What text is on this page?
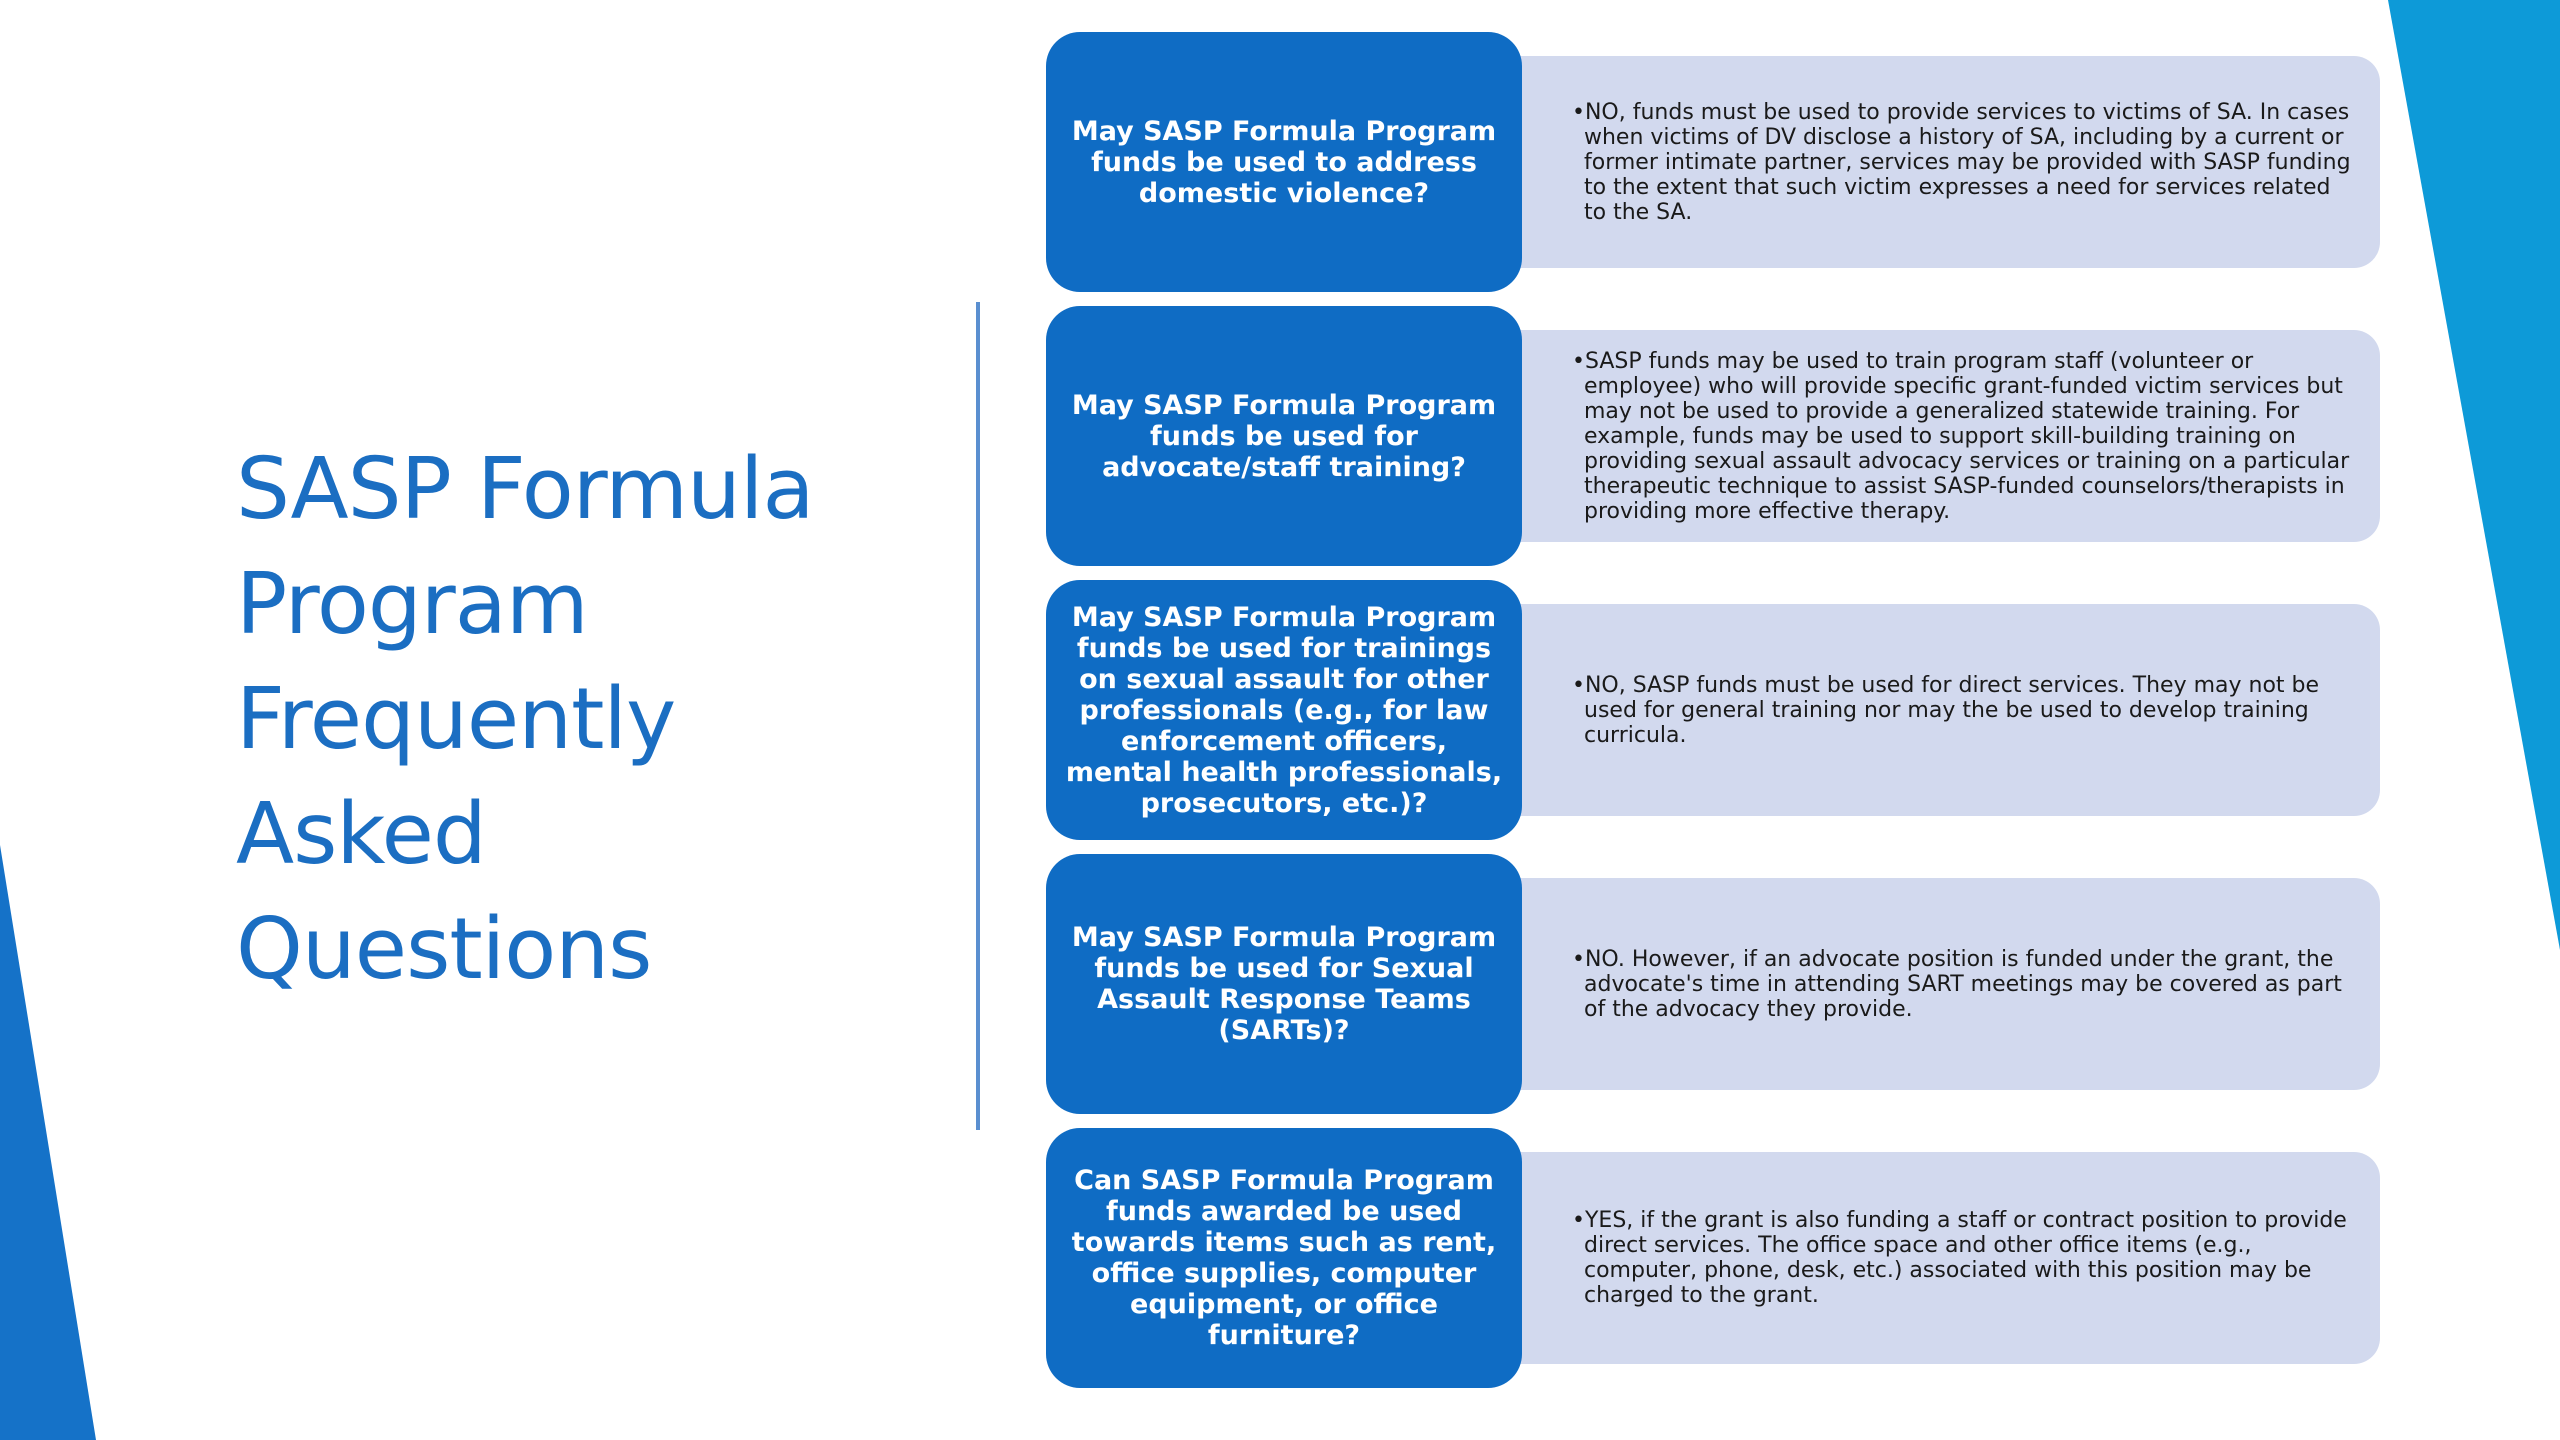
SASP Formula
Program
Frequently
Asked
Questions
•NO, funds must be used to provide services to victims of SA. In cases when victims of DV disclose a history of SA, including by a current or former intimate partner, services may be provided with SASP funding to the extent that such victim expresses a need for services related to the SA.
May SASP Formula Program funds be used to address domestic violence?
•SASP funds may be used to train program staff (volunteer or employee) who will provide specific grant-funded victim services but may not be used to provide a generalized statewide training. For example, funds may be used to support skill-building training on providing sexual assault advocacy services or training on a particular therapeutic technique to assist SASP-funded counselors/therapists in providing more effective therapy.
May SASP Formula Program funds be used for advocate/staff training?
•NO, SASP funds must be used for direct services. They may not be used for general training nor may the be used to develop training curricula.
May SASP Formula Program funds be used for trainings on sexual assault for other professionals (e.g., for law enforcement officers, mental health professionals, prosecutors, etc.)?
•NO. However, if an advocate position is funded under the grant, the advocate's time in attending SART meetings may be covered as part of the advocacy they provide.
May SASP Formula Program funds be used for Sexual Assault Response Teams (SARTs)?
•YES, if the grant is also funding a staff or contract position to provide direct services. The office space and other office items (e.g., computer, phone, desk, etc.) associated with this position may be charged to the grant.
Can SASP Formula Program funds awarded be used towards items such as rent, office supplies, computer equipment, or office furniture?
